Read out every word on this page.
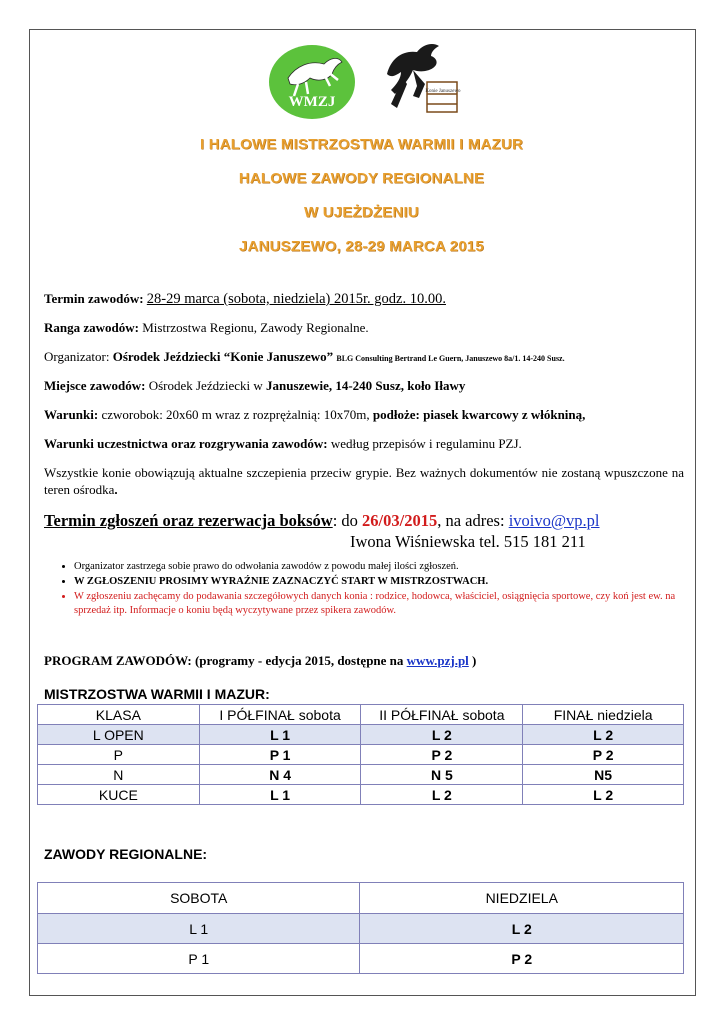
WMZJ
Konie Januszewo
I HALOWE MISTRZOSTWA WARMII I MAZUR
HALOWE ZAWODY REGIONALNE
W UJEŻDŻENIU
JANUSZEWO, 28-29 MARCA 2015
Termin zawodów: 28-29 marca (sobota, niedziela) 2015r. godz. 10.00.
Ranga zawodów: Mistrzostwa Regionu, Zawody Regionalne.
Organizator: Ośrodek Jeździecki “Konie Januszewo” BLG Consulting Bertrand Le Guern, Januszewo 8a/1. 14-240 Susz.
Miejsce zawodów: Ośrodek Jeździecki w Januszewie, 14-240 Susz, koło Iławy
Warunki: czworobok: 20x60 m wraz z rozprężalnią: 10x70m, podłoże: piasek kwarcowy z włókniną,
Warunki uczestnictwa oraz rozgrywania zawodów: według przepisów i regulaminu PZJ.
Wszystkie konie obowiązują aktualne szczepienia przeciw grypie. Bez ważnych dokumentów nie zostaną wpuszczone na teren ośrodka.
Termin zgłoszeń oraz rezerwacja boksów: do 26/03/2015, na adres: ivoivo@vp.pl
Iwona Wiśniewska tel. 515 181 211
• Organizator zastrzega sobie prawo do odwołania zawodów z powodu małej ilości zgłoszeń.
• W ZGŁOSZENIU PROSIMY WYRAŹNIE ZAZNACZYĆ START W MISTRZOSTWACH.
• W zgłoszeniu zachęcamy do podawania szczegółowych danych konia : rodzice, hodowca, właściciel, osiągnięcia sportowe, czy koń jest ew. na sprzedaż itp. Informacje o koniu będą wyczytywane przez spikera zawodów.
PROGRAM ZAWODÓW: (programy - edycja 2015, dostępne na www.pzj.pl )
MISTRZOSTWA WARMII I MAZUR:
KLASA	I PÓŁFINAŁ sobota	II PÓŁFINAŁ sobota	FINAŁ niedziela
L OPEN	L 1	L 2	L 2
P	P 1	P 2	P 2
N	N 4	N 5	N5
KUCE	L 1	L 2	L 2
ZAWODY REGIONALNE:
SOBOTA	NIEDZIELA
L 1	L 2
P 1	P 2
